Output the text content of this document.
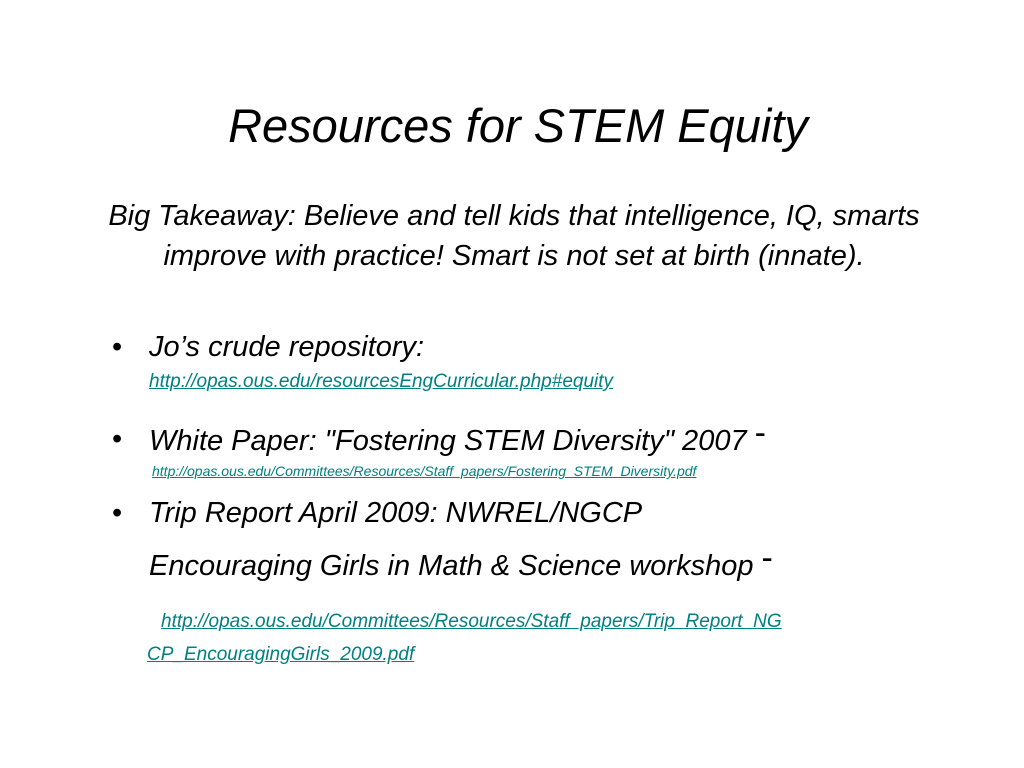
Resources for STEM Equity

Big Takeaway: Believe and tell kids that intelligence, IQ, smarts improve with practice! Smart is not set at birth (innate).

• Jo’s crude repository:
http://opas.ous.edu/resourcesEngCurricular.php#equity
• White Paper: "Fostering STEM Diversity" 2007 -
http://opas.ous.edu/Committees/Resources/Staff_papers/Fostering_STEM_Diversity.pdf
• Trip Report April 2009: NWREL/NGCP
Encouraging Girls in Math & Science workshop -
http://opas.ous.edu/Committees/Resources/Staff_papers/Trip_Report_NG
CP_EncouragingGirls_2009.pdf
